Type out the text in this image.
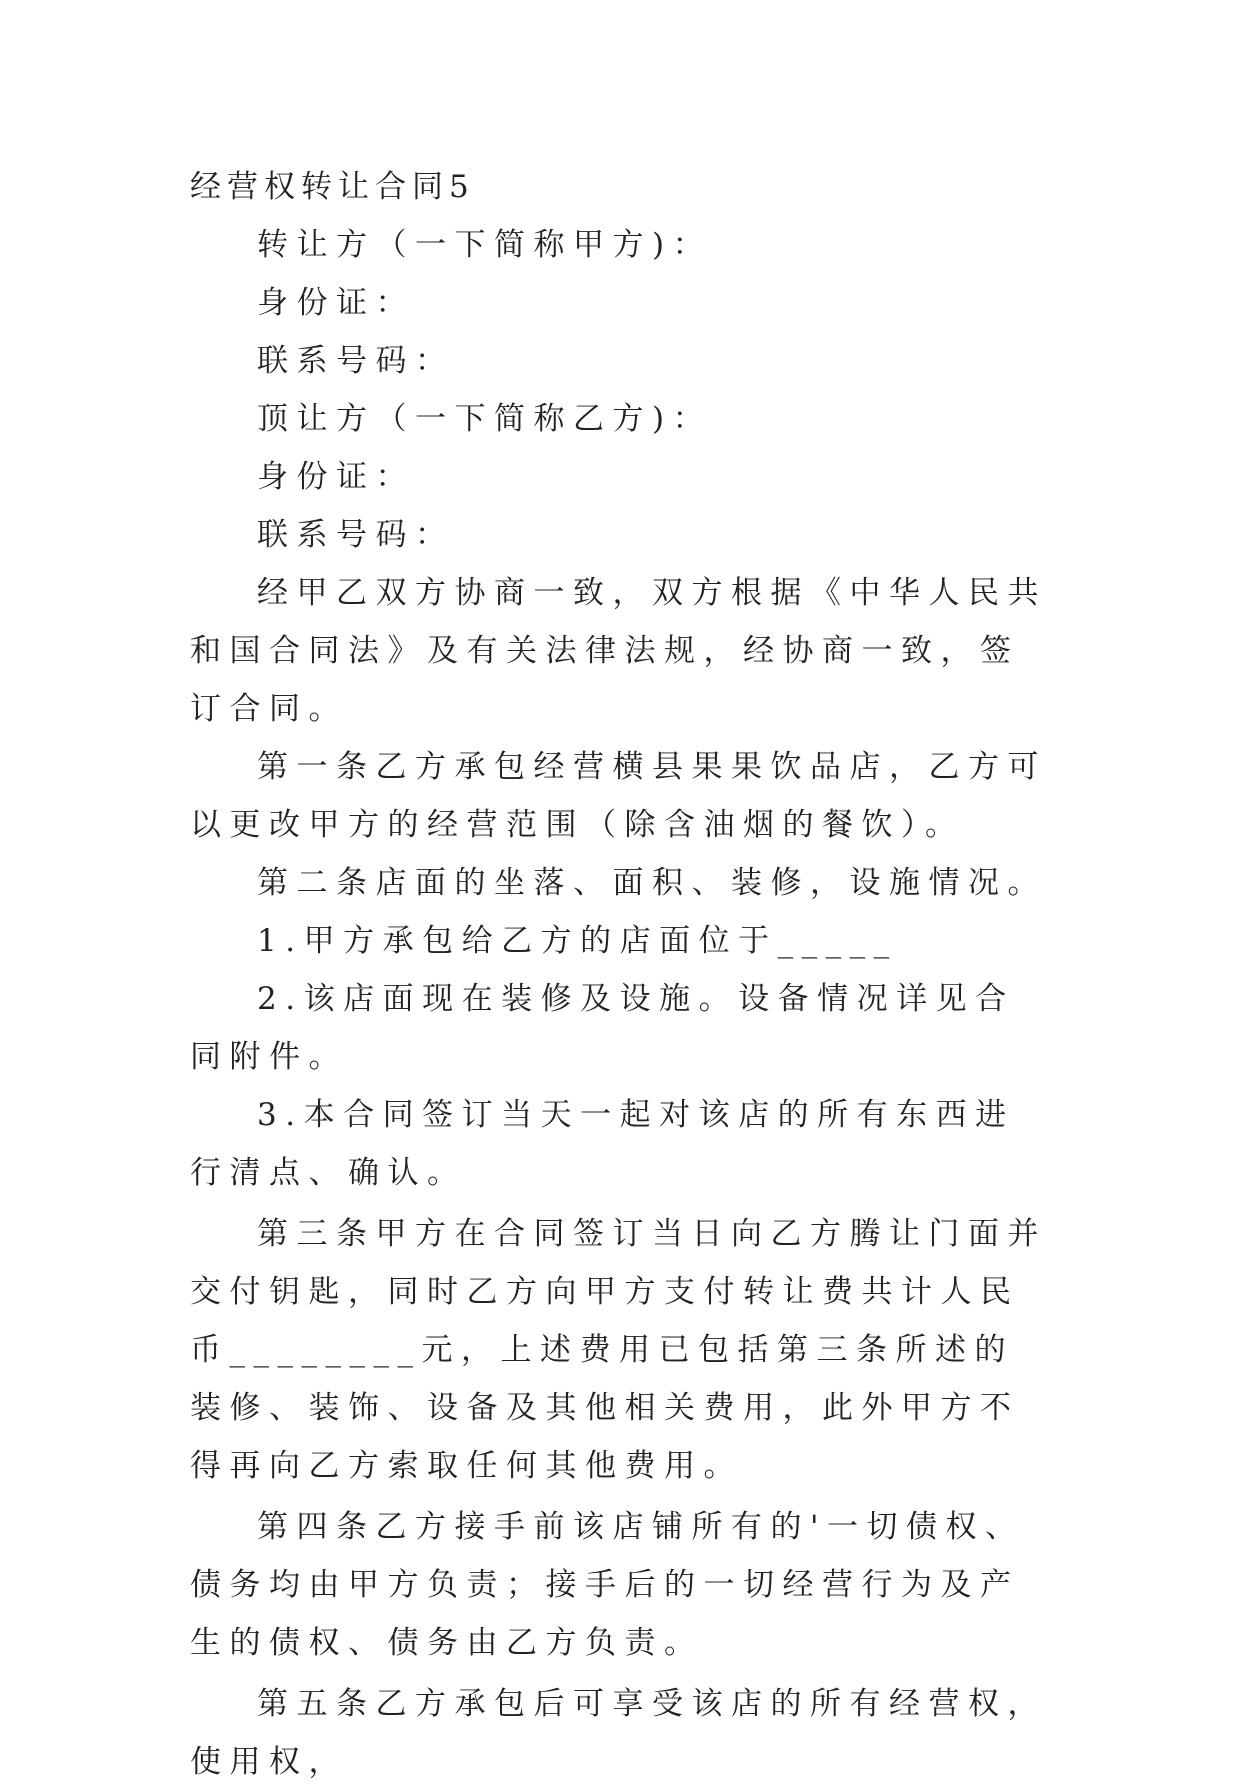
经营权转让合同5

转让方（一下简称甲方)：

身份证：

联系号码：

顶让方（一下简称乙方)：

身份证：

联系号码：

经甲乙双方协商一致，双方根据《中华人民共和国合同法》及有关法律法规，经协商一致，签订合同。

第一条乙方承包经营横县果果饮品店，乙方可以更改甲方的经营范围（除含油烟的餐饮）。

第二条店面的坐落、面积、装修，设施情况。

1.甲方承包给乙方的店面位于_____

2.该店面现在装修及设施。设备情况详见合同附件。

3.本合同签订当天一起对该店的所有东西进行清点、确认。

第三条甲方在合同签订当日向乙方腾让门面并交付钥匙，同时乙方向甲方支付转让费共计人民币________元，上述费用已包括第三条所述的装修、装饰、设备及其他相关费用，此外甲方不得再向乙方索取任何其他费用。

第四条乙方接手前该店铺所有的'一切债权、债务均由甲方负责；接手后的一切经营行为及产生的债权、债务由乙方负责。

第五条乙方承包后可享受该店的所有经营权，使用权，
